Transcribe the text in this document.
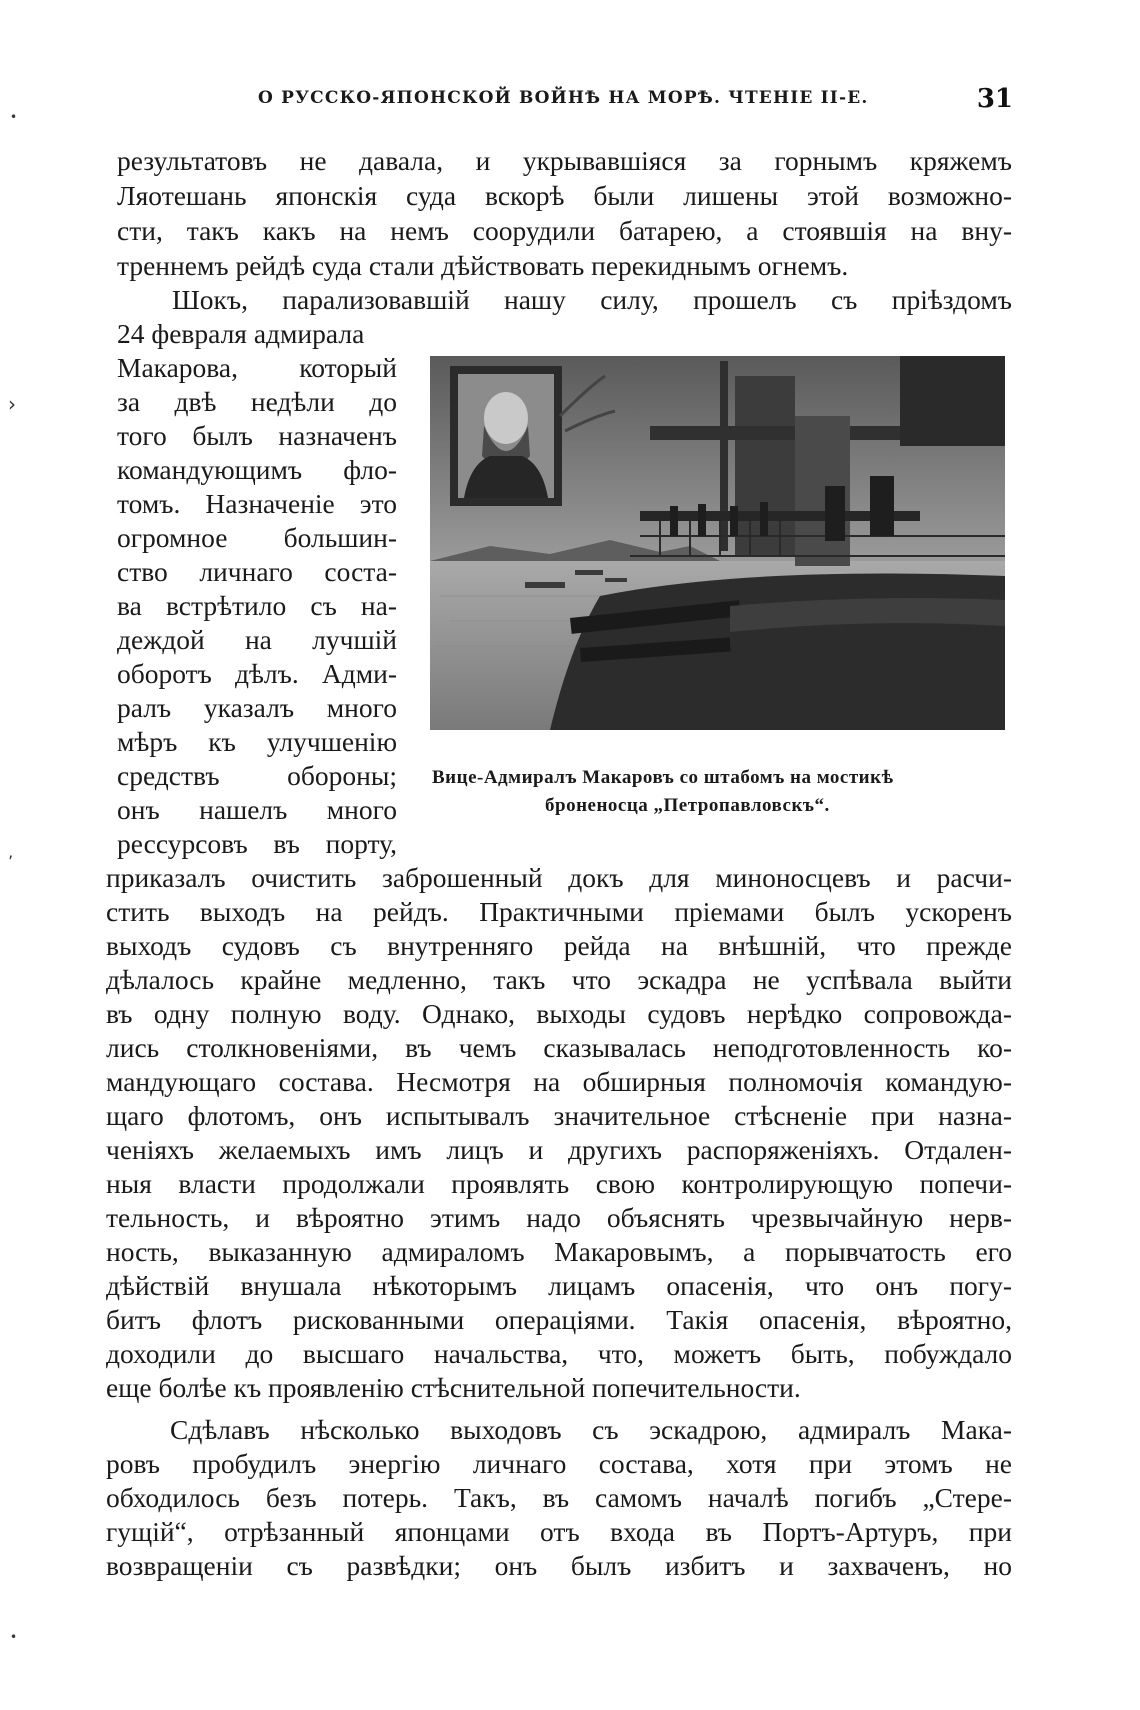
О РУССКО-ЯПОНСКОЙ ВОЙНѢ НА МОРѢ. ЧТЕНІЕ II-Е.	31
•
›
’
•

результатовъ не давала, и укрывавшіяся за горнымъ кряжемъ

Ляотешань японскія суда вскорѣ были лишены этой возможно-

сти, такъ какъ на немъ соорудили батарею, а стоявшія на вну-

треннемъ рейдѣ суда стали дѣйствовать перекиднымъ огнемъ.

Шокъ, парализовавшій нашу силу, прошелъ съ пріѣздомъ

24 февраля адмирала

Макарова, который

за двѣ недѣли до

того былъ назначенъ

командующимъ фло-

томъ. Назначеніе это

огромное большин-

ство личнаго соста-

ва встрѣтило съ на-

деждой на лучшій

оборотъ дѣлъ. Адми-

ралъ указалъ много

мѣръ къ улучшенію

средствъ обороны;

онъ нашелъ много

рессурсовъ въ порту,

Вице-Адмиралъ Макаровъ со штабомъ на мостикѣ

броненосца „Петропавловскъ“.

приказалъ очистить заброшенный докъ для миноносцевъ и расчи-

стить выходъ на рейдъ. Практичными пріемами былъ ускоренъ

выходъ судовъ съ внутренняго рейда на внѣшній, что прежде

дѣлалось крайне медленно, такъ что эскадра не успѣвала выйти

въ одну полную воду. Однако, выходы судовъ нерѣдко сопровожда-

лись столкновеніями, въ чемъ сказывалась неподготовленность ко-

мандующаго состава. Несмотря на обширныя полномочія командую-

щаго флотомъ, онъ испытывалъ значительное стѣсненіе при назна-

ченіяхъ желаемыхъ имъ лицъ и другихъ распоряженіяхъ. Отдален-

ныя власти продолжали проявлять свою контролирующую попечи-

тельность, и вѣроятно этимъ надо объяснять чрезвычайную нерв-

ность, выказанную адмираломъ Макаровымъ, а порывчатость его

дѣйствій внушала нѣкоторымъ лицамъ опасенія, что онъ погу-

битъ флотъ рискованными операціями. Такія опасенія, вѣроятно,

доходили до высшаго начальства, что, можетъ быть, побуждало

еще болѣе къ проявленію стѣснительной попечительности.

Сдѣлавъ нѣсколько выходовъ съ эскадрою, адмиралъ Мака-

ровъ пробудилъ энергію личнаго состава, хотя при этомъ не

обходилось безъ потерь. Такъ, въ самомъ началѣ погибъ „Стере-

гущій“, отрѣзанный японцами отъ входа въ Портъ-Артуръ, при

возвращеніи съ развѣдки; онъ былъ избитъ и захваченъ, но
